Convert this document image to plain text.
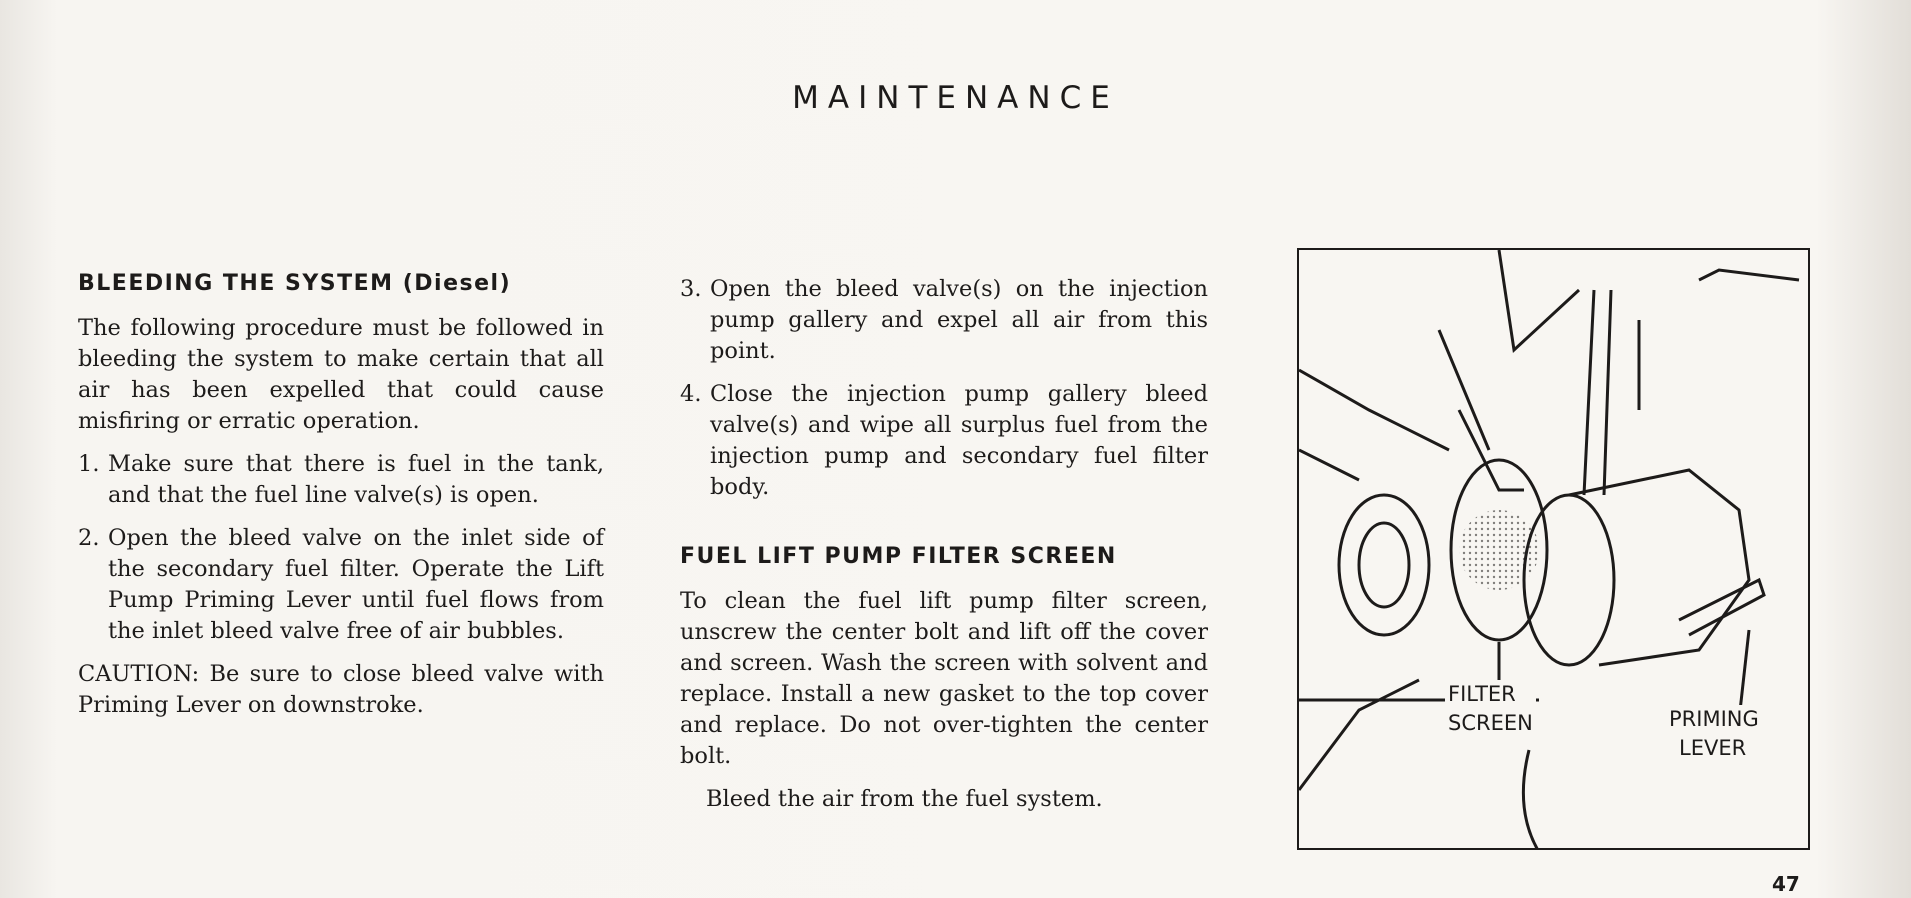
MAINTENANCE
BLEEDING THE SYSTEM (Diesel)

The following procedure must be followed in bleeding the system to make certain that all air has been expelled that could cause misfiring or erratic operation.

1. Make sure that there is fuel in the tank, and that the fuel line valve(s) is open.
2. Open the bleed valve on the inlet side of the secondary fuel filter. Operate the Lift Pump Priming Lever until fuel flows from the inlet bleed valve free of air bubbles.

CAUTION: Be sure to close bleed valve with Priming Lever on downstroke.

3. Open the bleed valve(s) on the injection pump gallery and expel all air from this point.
4. Close the injection pump gallery bleed valve(s) and wipe all surplus fuel from the injection pump and secondary fuel filter body.
FUEL LIFT PUMP FILTER SCREEN

To clean the fuel lift pump filter screen, unscrew the center bolt and lift off the cover and screen. Wash the screen with solvent and replace. Install a new gasket to the top cover and replace. Do not over-tighten the center bolt.

Bleed the air from the fuel system.

FILTER
SCREEN	PRIMING
LEVER
47
